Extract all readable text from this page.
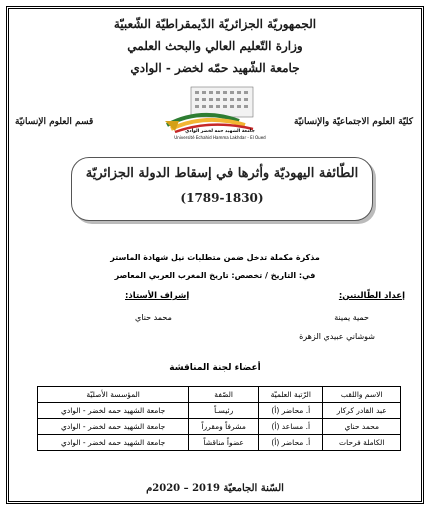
الجمهوريّة الجزائريّة الدّيمقراطيّة الشّعبيّة
وزارة التّعليم العالي والبحث العلمي
جامعة الشّهيد حمّه لخضر - الوادي
كليّة العلوم الاجتماعيّة والإنسانيّة
قسم العلوم الإنسانيّة
جامعة الشهيد حمه لخضر الوادي
Université Echahid Hamma Lakhdar - El Oued
الطّائفة اليهوديّة وأثرها في إسقاط الدولة الجزائريّة
(1789-1830)
مذكرة مكملة تدخل ضمن متطلبات نيل شهادة الماستر
في: التاريخ / تخصص: تاريخ المغرب العربي المعاصر
إعداد الطّالبتين:
إشراف الأستاذ:
حمية يمينة
محمد حناي
شوشاني عبيدي الزهرة
أعضاء لجنة المناقشة
الاسم واللقب	الرّتبة العلميّة	الصّفة	المؤسسة الأصليّة
عبد القادر كركار	أ. محاضر (أ)	رئيسـاً	جامعة الشهيد حمه لخضر - الوادي
محمد حناي	أ. مساعد (أ)	مشرفاً ومقرراً	جامعة الشهيد حمه لخضر - الوادي
الكاملة فرحات	أ. محاضر (أ)	عضواً مناقشاً	جامعة الشهيد حمه لخضر - الوادي
السّنة الجامعيّة 2019 – 2020م
